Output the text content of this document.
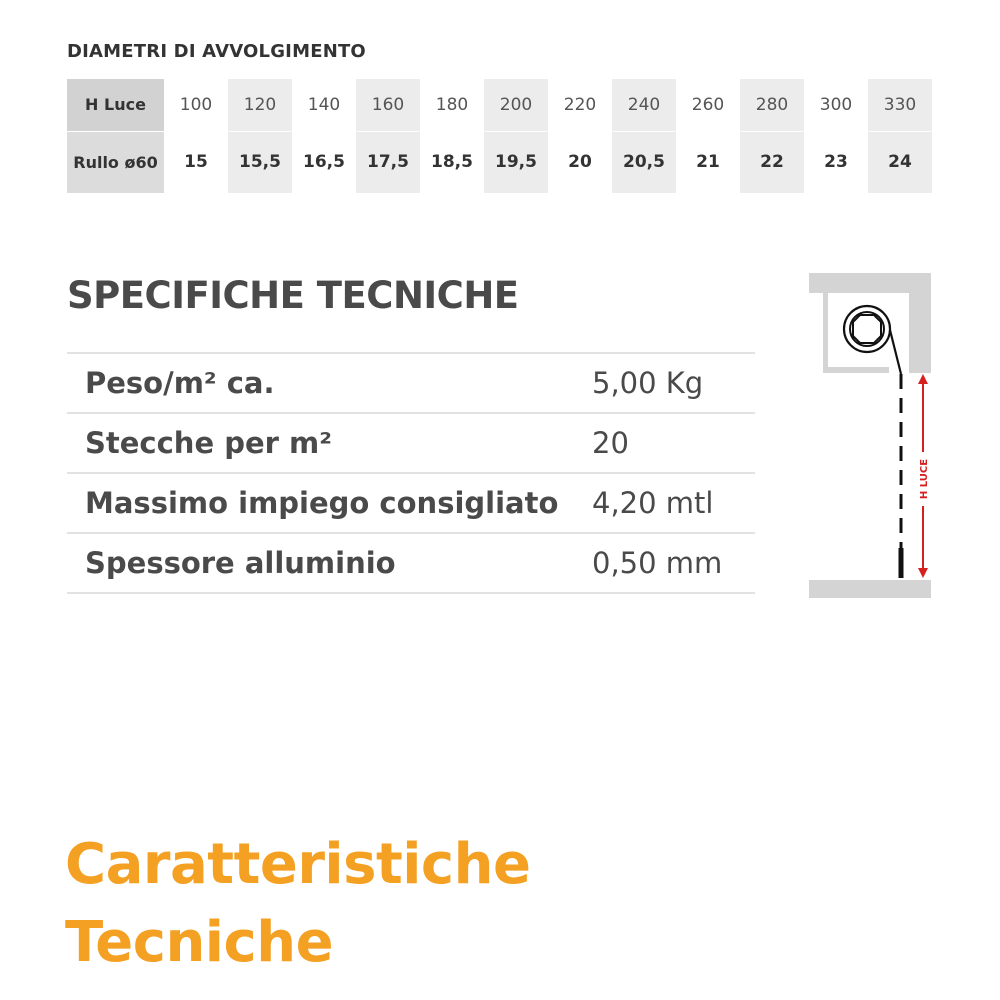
DIAMETRI DI AVVOLGIMENTO
H Luce	100	120	140	160	180	200	220	240	260	280	300	330
Rullo ø60	15	15,5	16,5	17,5	18,5	19,5	20	20,5	21	22	23	24
SPECIFICHE TECNICHE
Peso/m² ca.	5,00 Kg
Stecche per m²	20
Massimo impiego consigliato 4,20 mtl
Spessore alluminio	0,50 mm
H LUCE
Caratteristiche
Tecniche
